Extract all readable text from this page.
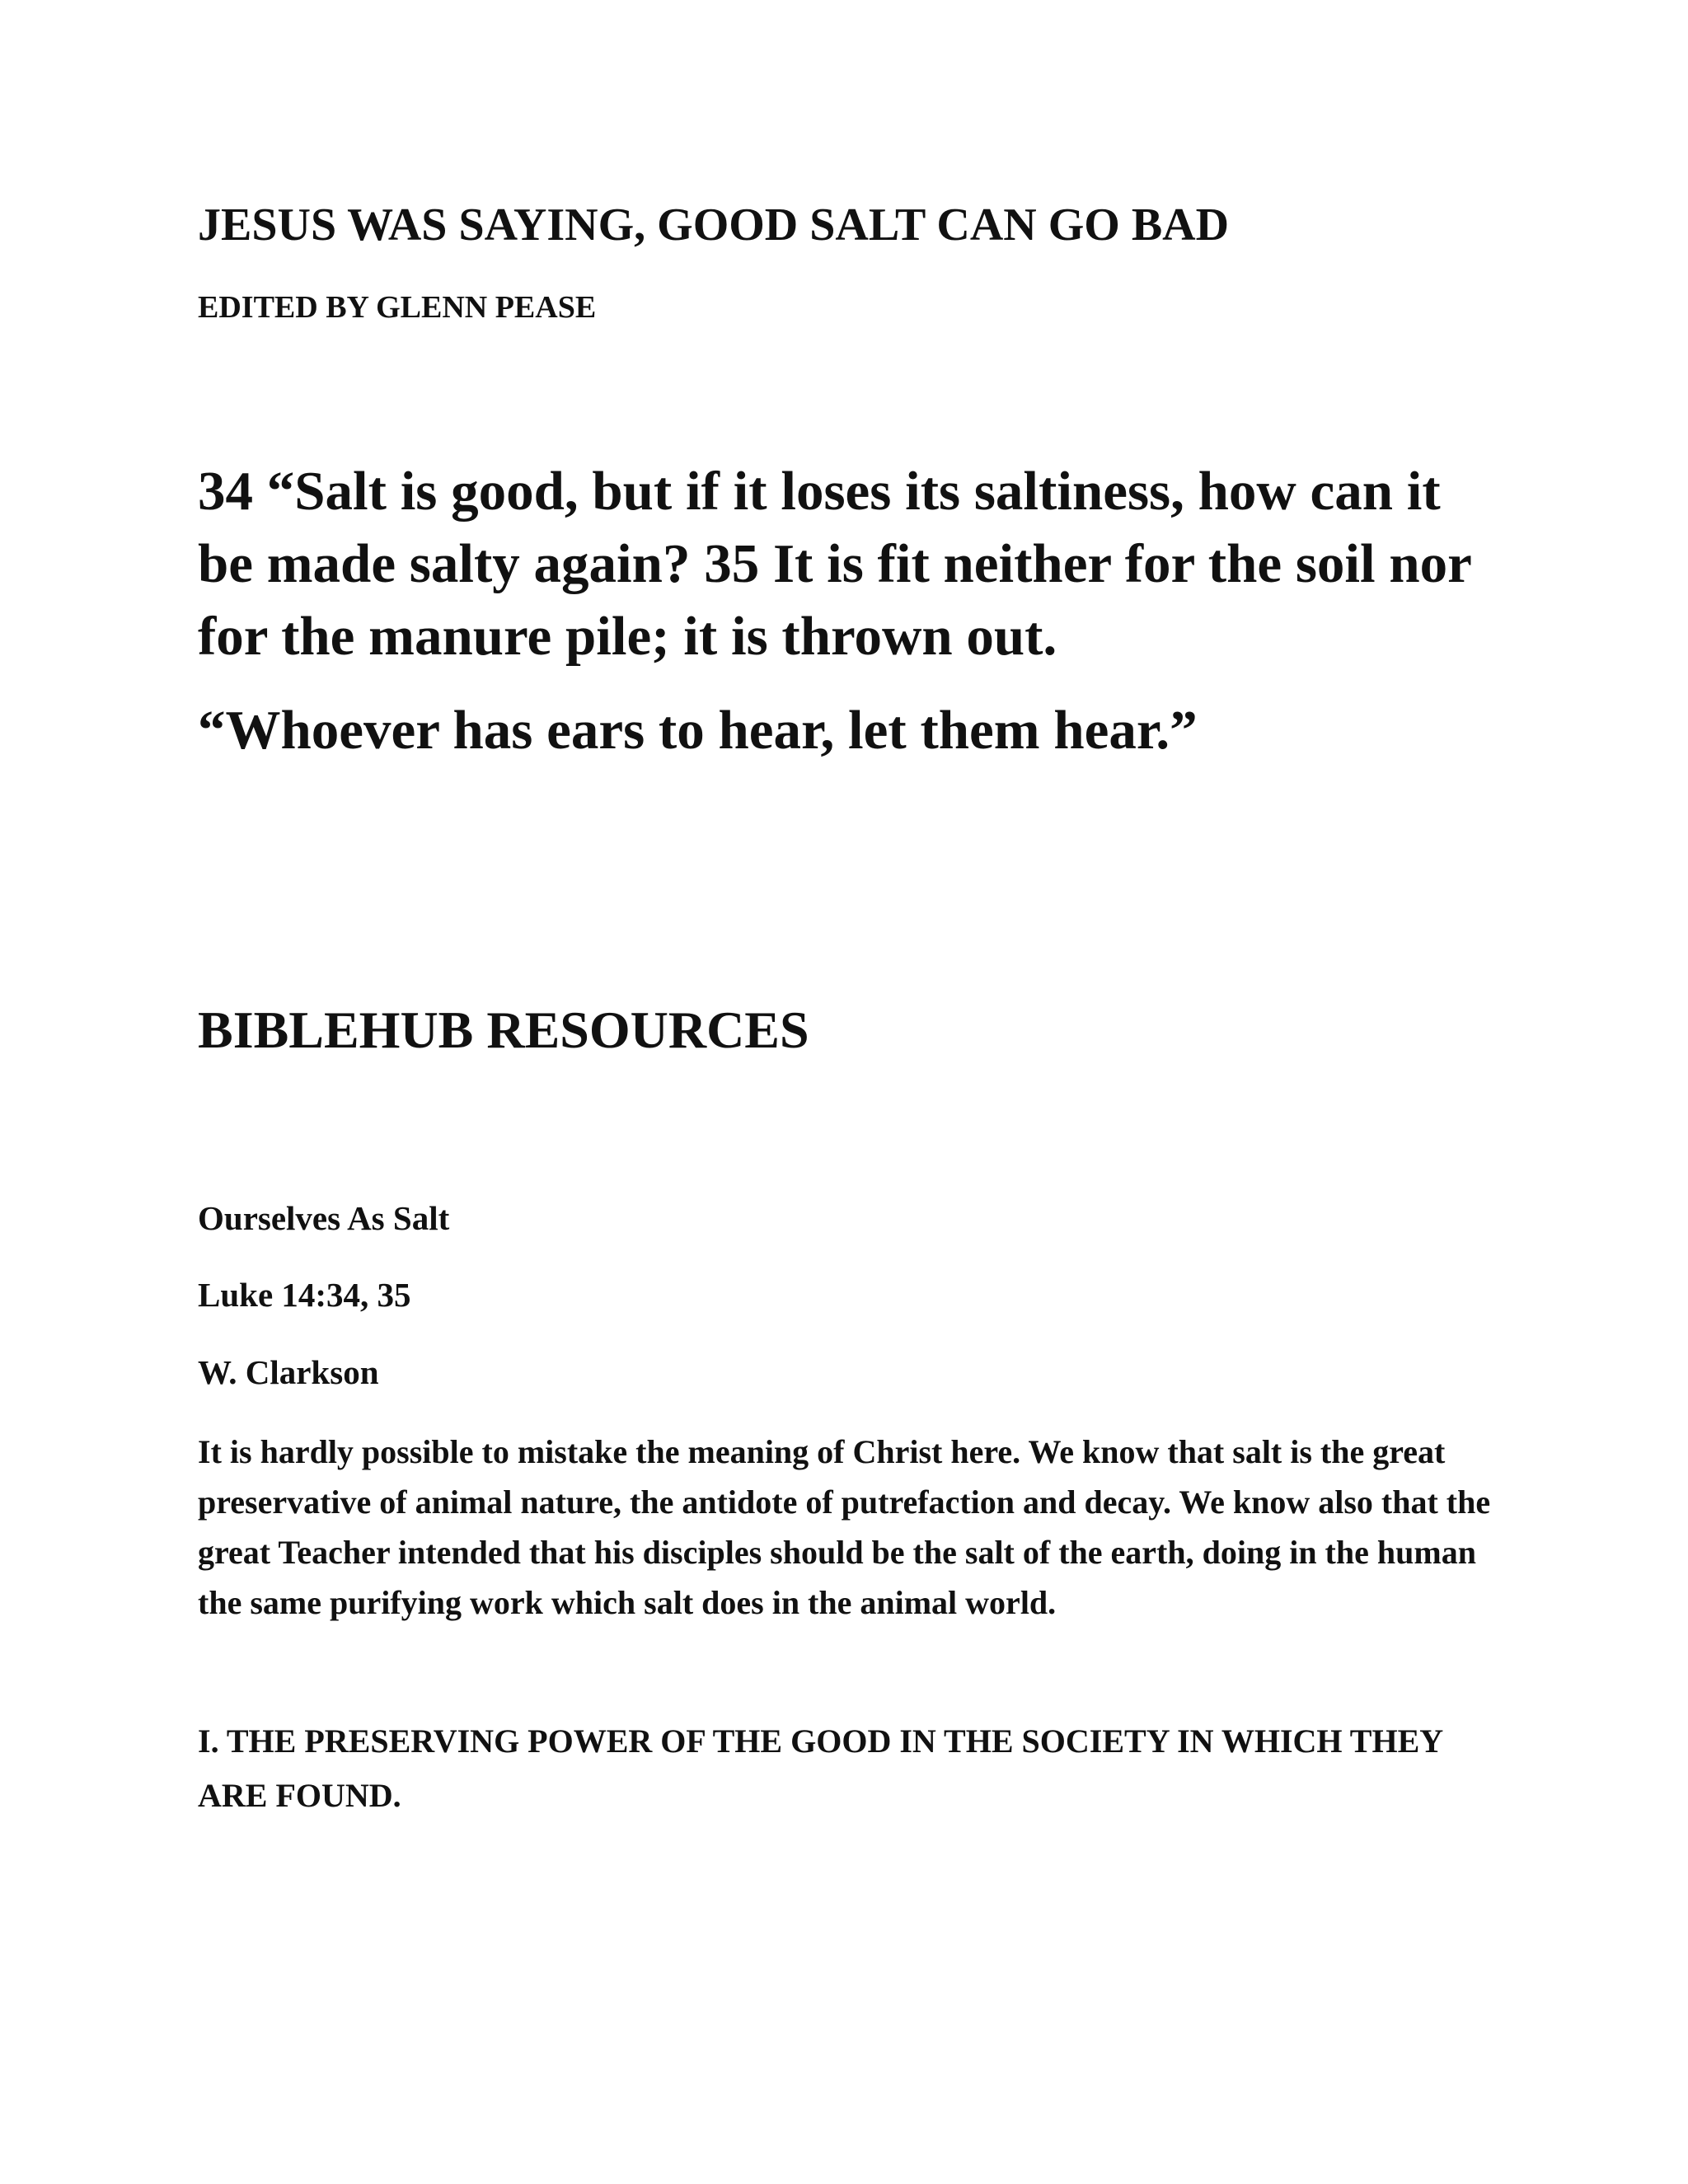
JESUS WAS SAYING, GOOD SALT CAN GO BAD
EDITED BY GLENN PEASE

34 “Salt is good, but if it loses its saltiness, how can it be made salty again? 35 It is fit neither for the soil nor for the manure pile; it is thrown out.

“Whoever has ears to hear, let them hear.”

BIBLEHUB RESOURCES
Ourselves As Salt
Luke 14:34, 35
W. Clarkson

It is hardly possible to mistake the meaning of Christ here. We know that salt is the great preservative of animal nature, the antidote of putrefaction and decay. We know also that the great Teacher intended that his disciples should be the salt of the earth, doing in the human the same purifying work which salt does in the animal world.

I. THE PRESERVING POWER OF THE GOOD IN THE SOCIETY IN WHICH THEY ARE FOUND.
